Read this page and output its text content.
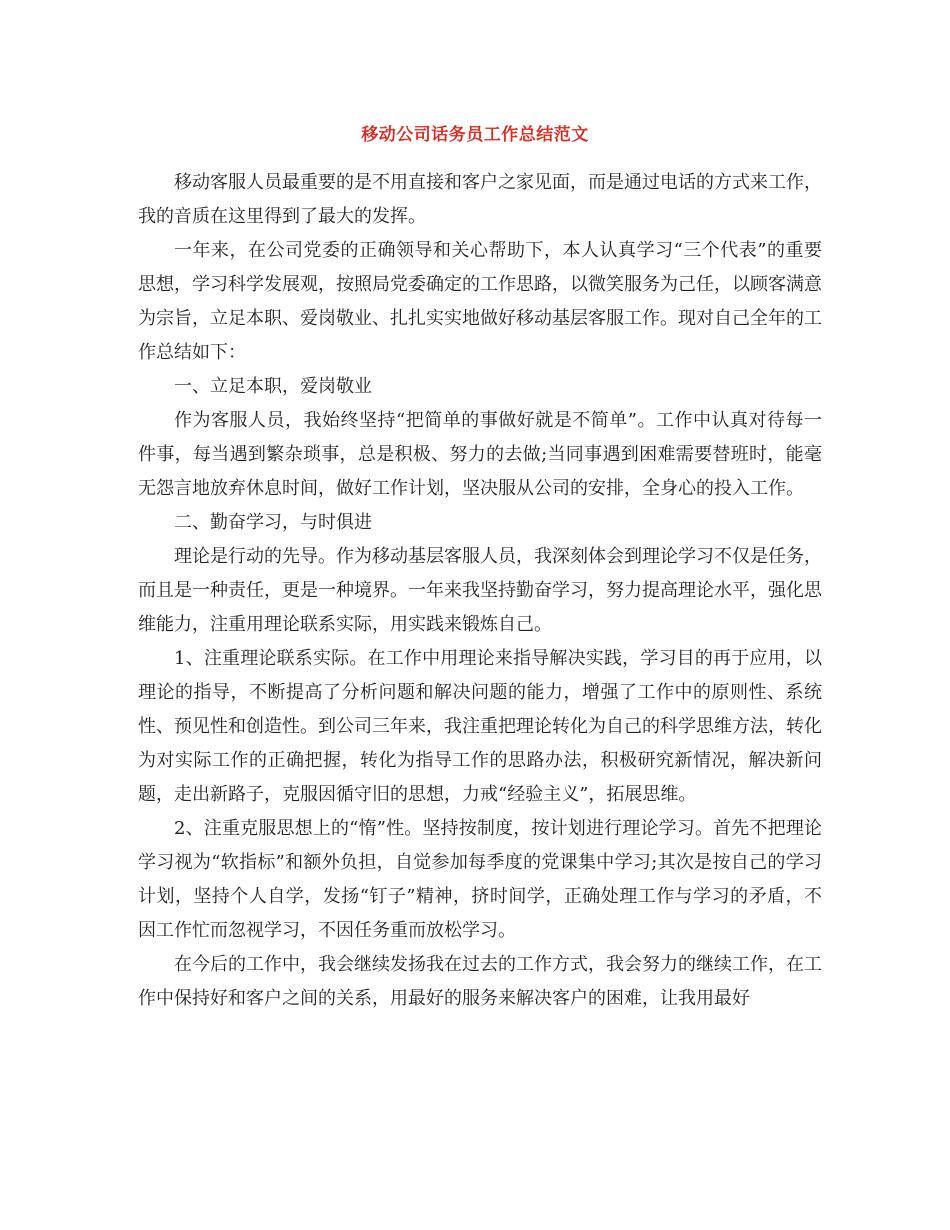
移动公司话务员工作总结范文

移动客服人员最重要的是不用直接和客户之家见面，而是通过电话的方式来工作，我的音质在这里得到了最大的发挥。

一年来，在公司党委的正确领导和关心帮助下，本人认真学习“三个代表”的重要思想，学习科学发展观，按照局党委确定的工作思路，以微笑服务为己任，以顾客满意为宗旨，立足本职、爱岗敬业、扎扎实实地做好移动基层客服工作。现对自己全年的工作总结如下：

一、立足本职，爱岗敬业

作为客服人员，我始终坚持“把简单的事做好就是不简单”。工作中认真对待每一件事，每当遇到繁杂琐事，总是积极、努力的去做;当同事遇到困难需要替班时，能毫无怨言地放弃休息时间，做好工作计划，坚决服从公司的安排，全身心的投入工作。

二、勤奋学习，与时俱进

理论是行动的先导。作为移动基层客服人员，我深刻体会到理论学习不仅是任务，而且是一种责任，更是一种境界。一年来我坚持勤奋学习，努力提高理论水平，强化思维能力，注重用理论联系实际，用实践来锻炼自己。

1、注重理论联系实际。在工作中用理论来指导解决实践，学习目的再于应用，以理论的指导，不断提高了分析问题和解决问题的能力，增强了工作中的原则性、系统性、预见性和创造性。到公司三年来，我注重把理论转化为自己的科学思维方法，转化为对实际工作的正确把握，转化为指导工作的思路办法，积极研究新情况，解决新问题，走出新路子，克服因循守旧的思想，力戒“经验主义”，拓展思维。

2、注重克服思想上的“惰”性。坚持按制度，按计划进行理论学习。首先不把理论学习视为“软指标”和额外负担，自觉参加每季度的党课集中学习;其次是按自己的学习计划，坚持个人自学，发扬“钉子”精神，挤时间学，正确处理工作与学习的矛盾，不因工作忙而忽视学习，不因任务重而放松学习。

在今后的工作中，我会继续发扬我在过去的工作方式，我会努力的继续工作，在工作中保持好和客户之间的关系，用最好的服务来解决客户的困难，让我用最好
